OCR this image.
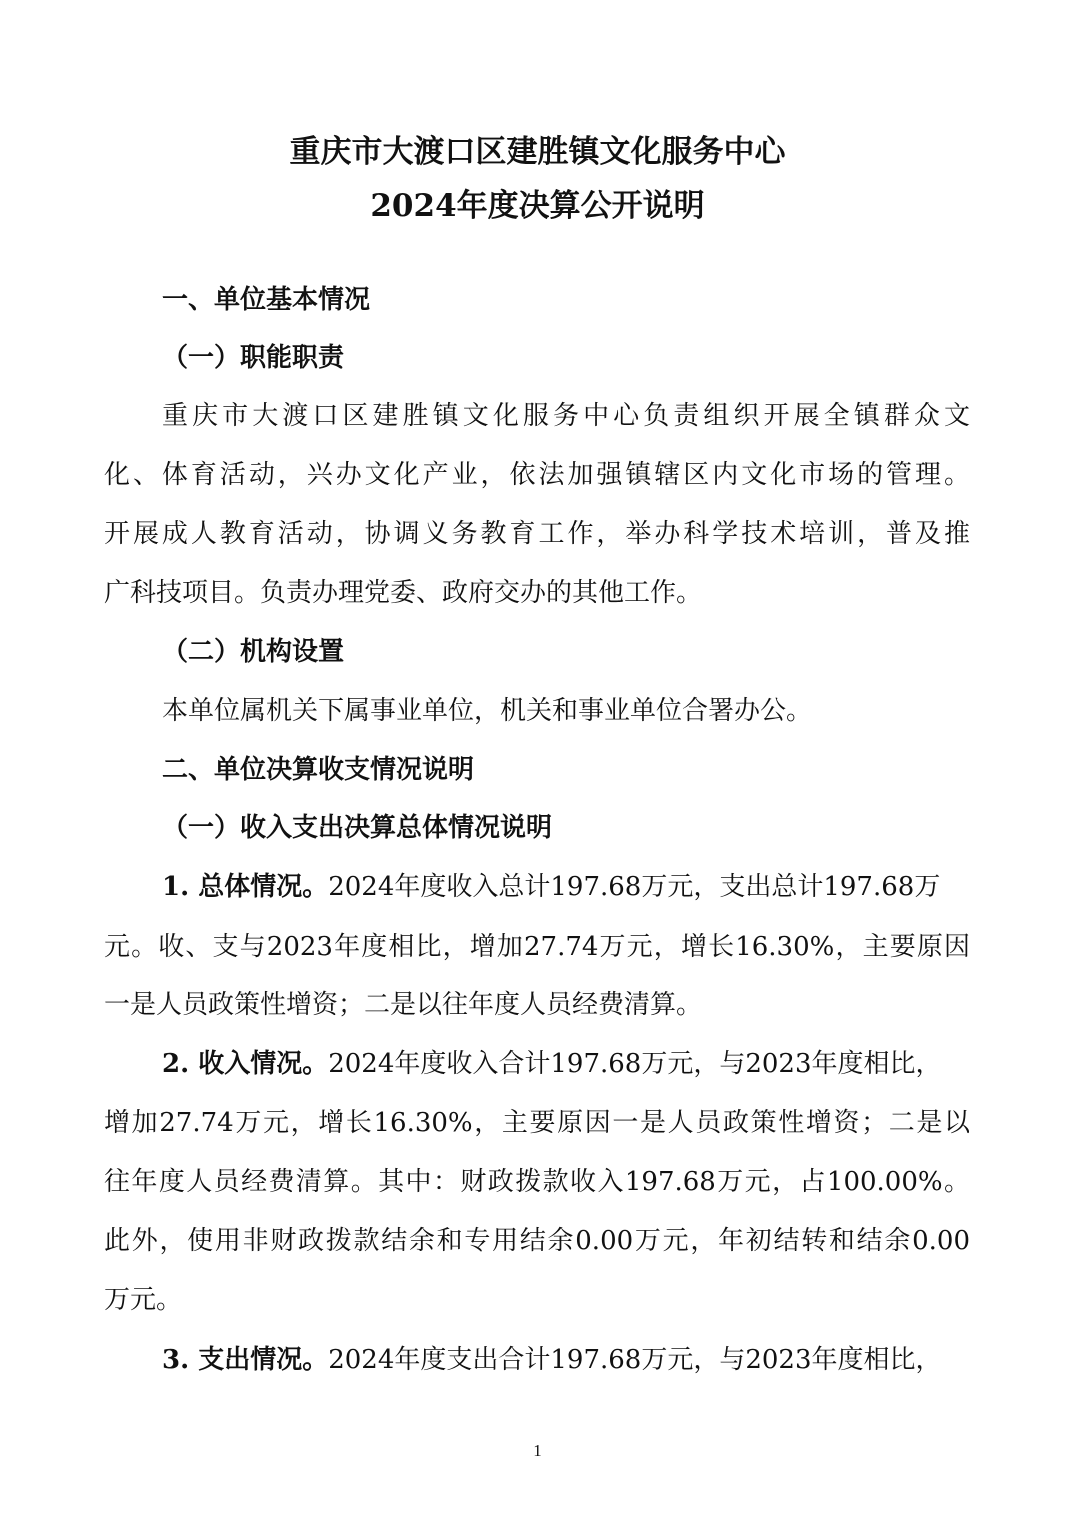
重庆市大渡口区建胜镇文化服务中心
2024年度决算公开说明
一、单位基本情况
（一）职能职责
重庆市大渡口区建胜镇文化服务中心负责组织开展全镇群众文
化、体育活动，兴办文化产业，依法加强镇辖区内文化市场的管理。
开展成人教育活动，协调义务教育工作，举办科学技术培训，普及推
广科技项目。负责办理党委、政府交办的其他工作。
（二）机构设置
本单位属机关下属事业单位，机关和事业单位合署办公。
二、单位决算收支情况说明
（一）收入支出决算总体情况说明
1. 总体情况。2024年度收入总计197.68万元，支出总计197.68万
元。收、支与2023年度相比，增加27.74万元，增长16.30%，主要原因
一是人员政策性增资；二是以往年度人员经费清算。
2. 收入情况。2024年度收入合计197.68万元，与2023年度相比，
增加27.74万元，增长16.30%，主要原因一是人员政策性增资；二是以
往年度人员经费清算。其中：财政拨款收入197.68万元，占100.00%。
此外，使用非财政拨款结余和专用结余0.00万元，年初结转和结余0.00
万元。
3. 支出情况。2024年度支出合计197.68万元，与2023年度相比，
1
